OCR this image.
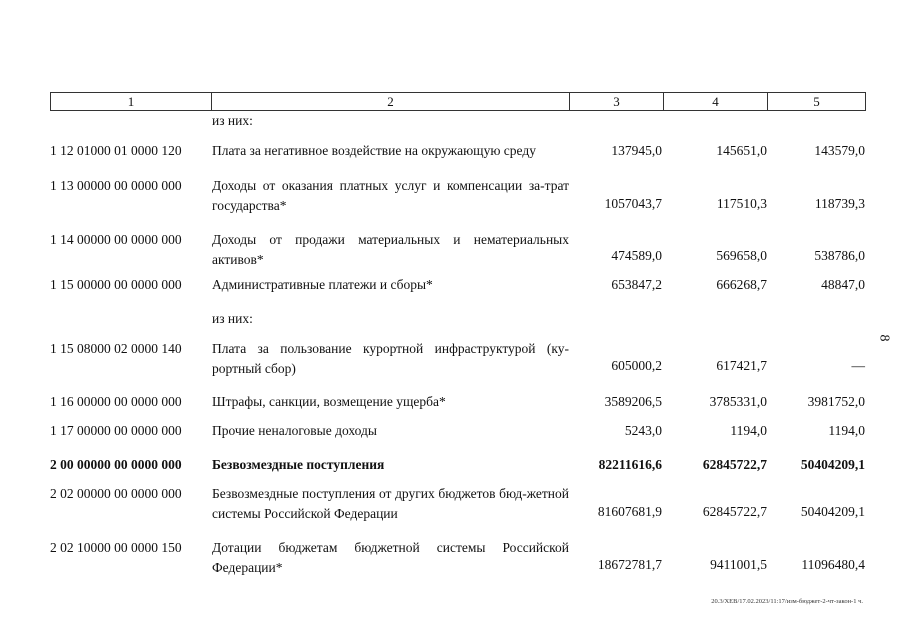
1	2	3	4	5
из них:
1 12 01000 01 0000 120 Плата за негативное воздействие на окружающую среду	137945,0	145651,0	143579,0
1 13 00000 00 0000 000 Доходы от оказания платных услуг и компенсации за-трат государства*	1057043,7	117510,3	118739,3
1 14 00000 00 0000 000 Доходы от продажи материальных и нематериальных активов*	474589,0	569658,0	538786,0
1 15 00000 00 0000 000 Административные платежи и сборы*	653847,2	666268,7	48847,0
из них:
1 15 08000 02 0000 140 Плата за пользование курортной инфраструктурой (ку-рортный сбор)	605000,2	617421,7	—
1 16 00000 00 0000 000 Штрафы, санкции, возмещение ущерба*	3589206,5	3785331,0	3981752,0
1 17 00000 00 0000 000 Прочие неналоговые доходы	5243,0	1194,0	1194,0
2 00 00000 00 0000 000 Безвозмездные поступления	82211616,6	62845722,7	50404209,1
2 02 00000 00 0000 000 Безвозмездные поступления от других бюджетов бюд-жетной системы Российской Федерации	81607681,9	62845722,7	50404209,1
2 02 10000 00 0000 150 Дотации бюджетам бюджетной системы Российской Федерации*	18672781,7	9411001,5	11096480,4
8
20.3/XEB/17.02.2023/11:17/изм-бюджет-2-чт-закон-1 ч.
